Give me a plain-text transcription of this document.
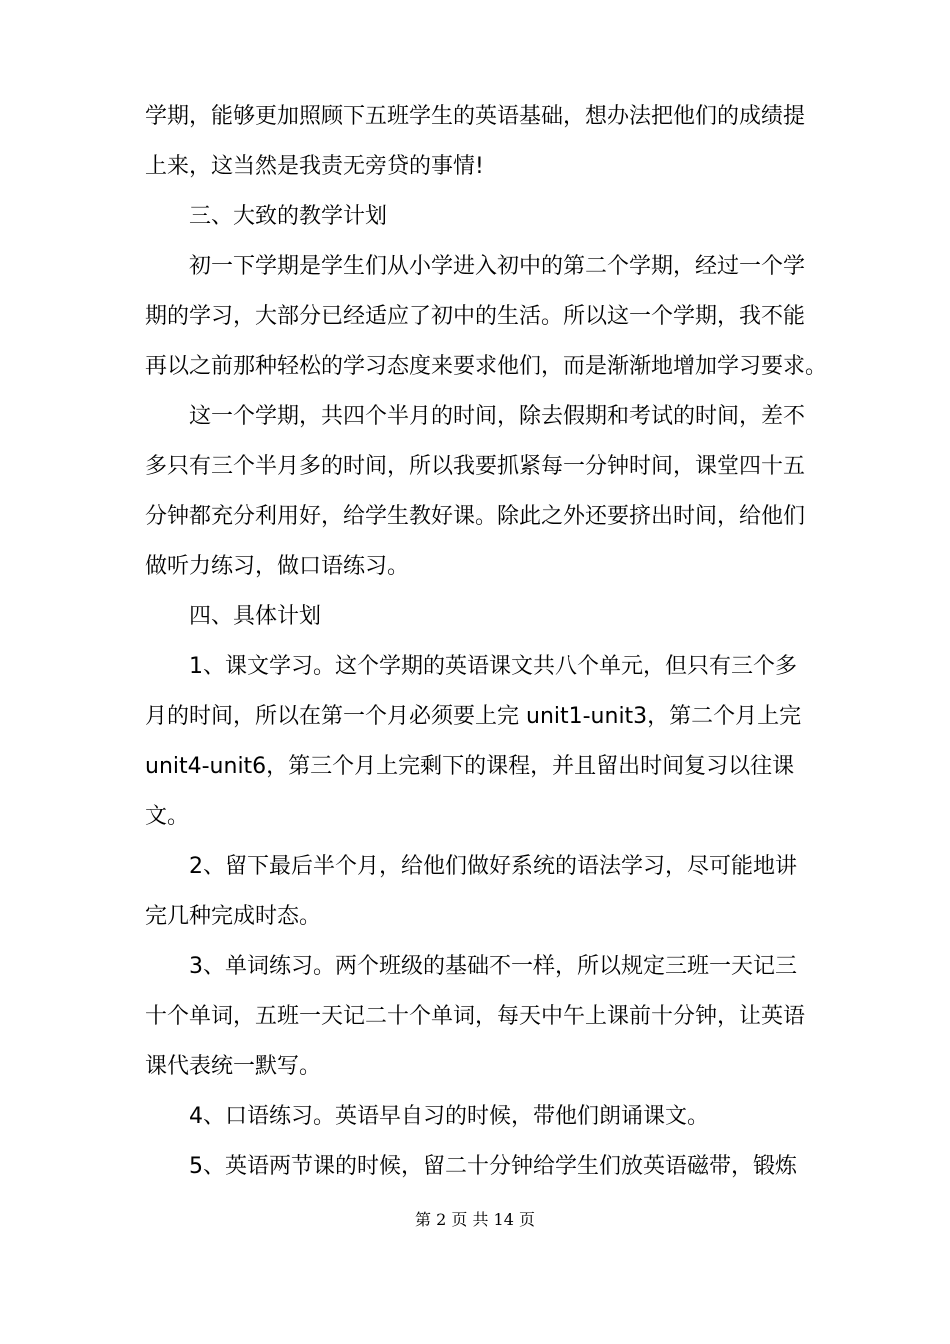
学期，能够更加照顾下五班学生的英语基础，想办法把他们的成绩提
上来，这当然是我责无旁贷的事情!
三、大致的教学计划
初一下学期是学生们从小学进入初中的第二个学期，经过一个学
期的学习，大部分已经适应了初中的生活。所以这一个学期，我不能
再以之前那种轻松的学习态度来要求他们，而是渐渐地增加学习要求。
这一个学期，共四个半月的时间，除去假期和考试的时间，差不
多只有三个半月多的时间，所以我要抓紧每一分钟时间，课堂四十五
分钟都充分利用好，给学生教好课。除此之外还要挤出时间，给他们
做听力练习，做口语练习。
四、具体计划
1、课文学习。这个学期的英语课文共八个单元，但只有三个多
月的时间，所以在第一个月必须要上完 unit1-unit3，第二个月上完
unit4-unit6，第三个月上完剩下的课程，并且留出时间复习以往课
文。
2、留下最后半个月，给他们做好系统的语法学习，尽可能地讲
完几种完成时态。
3、单词练习。两个班级的基础不一样，所以规定三班一天记三
十个单词，五班一天记二十个单词，每天中午上课前十分钟，让英语
课代表统一默写。
4、口语练习。英语早自习的时候，带他们朗诵课文。
5、英语两节课的时候，留二十分钟给学生们放英语磁带，锻炼
第 2 页 共 14 页
